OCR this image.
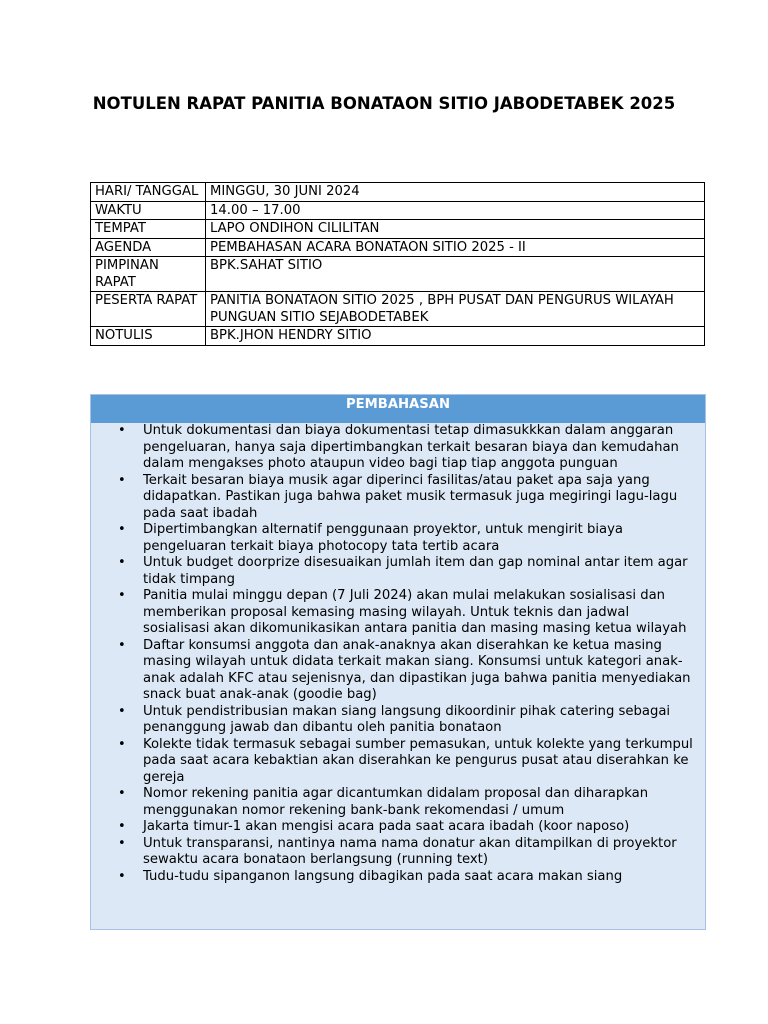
NOTULEN RAPAT PANITIA BONATAON SITIO JABODETABEK 2025
HARI/ TANGGAL	MINGGU, 30 JUNI 2024
WAKTU	14.00 – 17.00
TEMPAT	LAPO ONDIHON CILILITAN
AGENDA	PEMBAHASAN ACARA BONATAON SITIO 2025 - II
PIMPINAN RAPAT	BPK.SAHAT SITIO
PESERTA RAPAT	PANITIA BONATAON SITIO 2025 , BPH PUSAT DAN PENGURUS WILAYAH PUNGUAN SITIO SEJABODETABEK
NOTULIS	BPK.JHON HENDRY SITIO
PEMBAHASAN
• Untuk dokumentasi dan biaya dokumentasi tetap dimasukkkan dalam anggaran pengeluaran, hanya saja dipertimbangkan terkait besaran biaya dan kemudahan dalam mengakses photo ataupun video bagi tiap tiap anggota punguan
• Terkait besaran biaya musik agar diperinci fasilitas/atau paket apa saja yang didapatkan. Pastikan juga bahwa paket musik termasuk juga megiringi lagu-lagu pada saat ibadah
• Dipertimbangkan alternatif penggunaan proyektor, untuk mengirit biaya pengeluaran terkait biaya photocopy tata tertib acara
• Untuk budget doorprize disesuaikan jumlah item dan gap nominal antar item agar tidak timpang
• Panitia mulai minggu depan (7 Juli 2024) akan mulai melakukan sosialisasi dan memberikan proposal kemasing masing wilayah. Untuk teknis dan jadwal sosialisasi akan dikomunikasikan antara panitia dan masing masing ketua wilayah
• Daftar konsumsi anggota dan anak-anaknya akan diserahkan ke ketua masing masing wilayah untuk didata terkait makan siang. Konsumsi untuk kategori anak-anak adalah KFC atau sejenisnya, dan dipastikan juga bahwa panitia menyediakan snack buat anak-anak (goodie bag)
• Untuk pendistribusian makan siang langsung dikoordinir pihak catering sebagai penanggung jawab dan dibantu oleh panitia bonataon
• Kolekte tidak termasuk sebagai sumber pemasukan, untuk kolekte yang terkumpul pada saat acara kebaktian akan diserahkan ke pengurus pusat atau diserahkan ke gereja
• Nomor rekening panitia agar dicantumkan didalam proposal dan diharapkan menggunakan nomor rekening bank-bank rekomendasi / umum
• Jakarta timur-1 akan mengisi acara pada saat acara ibadah (koor naposo)
• Untuk transparansi, nantinya nama nama donatur akan ditampilkan di proyektor sewaktu acara bonataon berlangsung (running text)
• Tudu-tudu sipanganon langsung dibagikan pada saat acara makan siang
